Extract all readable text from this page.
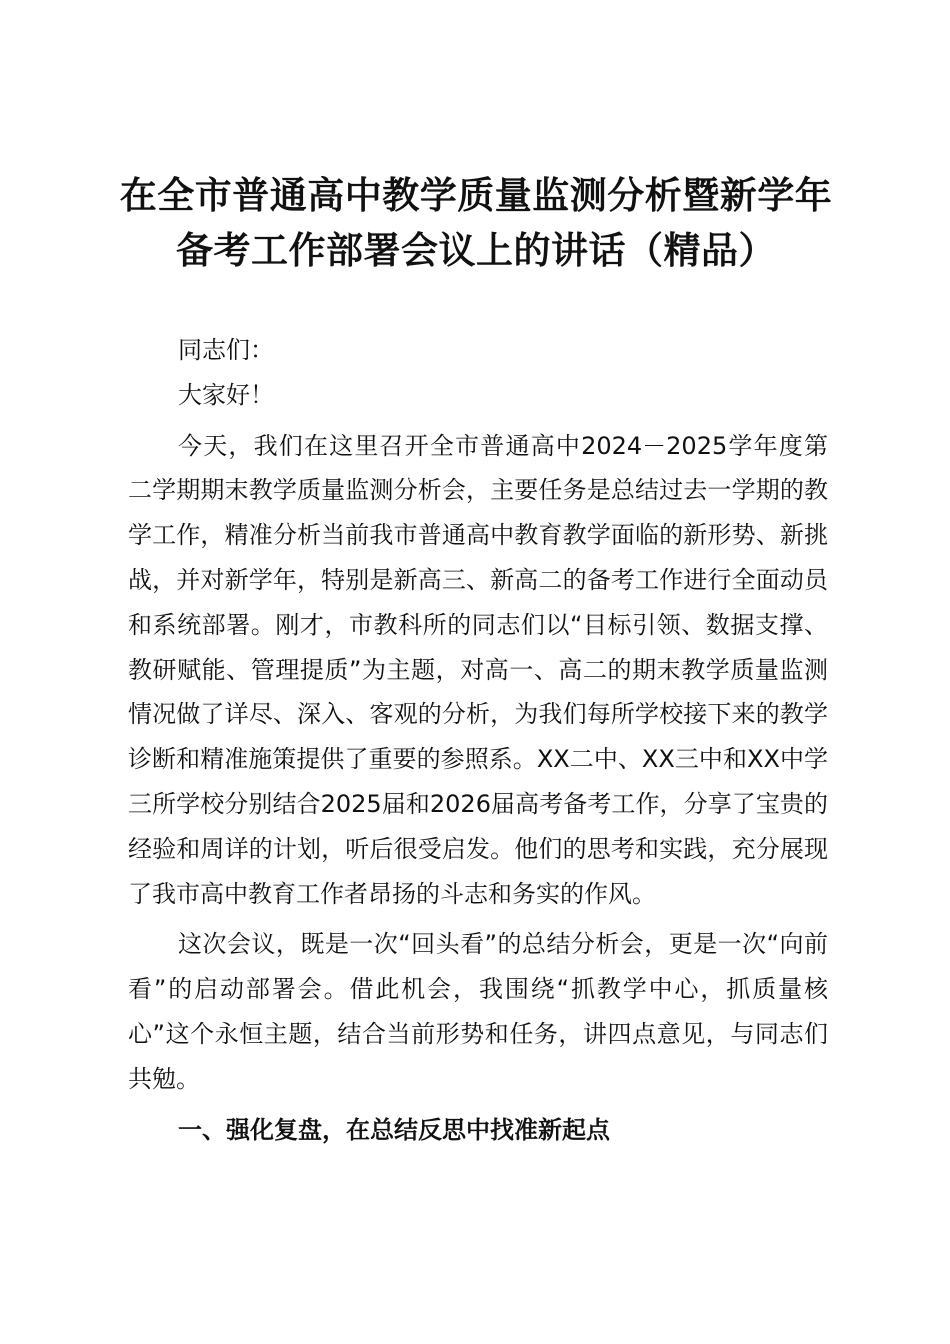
在全市普通高中教学质量监测分析暨新学年备考工作部署会议上的讲话（精品）

同志们：

大家好！

今天，我们在这里召开全市普通高中2024－2025学年度第二学期期末教学质量监测分析会，主要任务是总结过去一学期的教学工作，精准分析当前我市普通高中教育教学面临的新形势、新挑战，并对新学年，特别是新高三、新高二的备考工作进行全面动员和系统部署。刚才，市教科所的同志们以“目标引领、数据支撑、教研赋能、管理提质”为主题，对高一、高二的期末教学质量监测情况做了详尽、深入、客观的分析，为我们每所学校接下来的教学诊断和精准施策提供了重要的参照系。XX二中、XX三中和XX中学三所学校分别结合2025届和2026届高考备考工作，分享了宝贵的经验和周详的计划，听后很受启发。他们的思考和实践，充分展现了我市高中教育工作者昂扬的斗志和务实的作风。

这次会议，既是一次“回头看”的总结分析会，更是一次“向前看”的启动部署会。借此机会，我围绕“抓教学中心，抓质量核心”这个永恒主题，结合当前形势和任务，讲四点意见，与同志们共勉。

一、强化复盘，在总结反思中找准新起点
